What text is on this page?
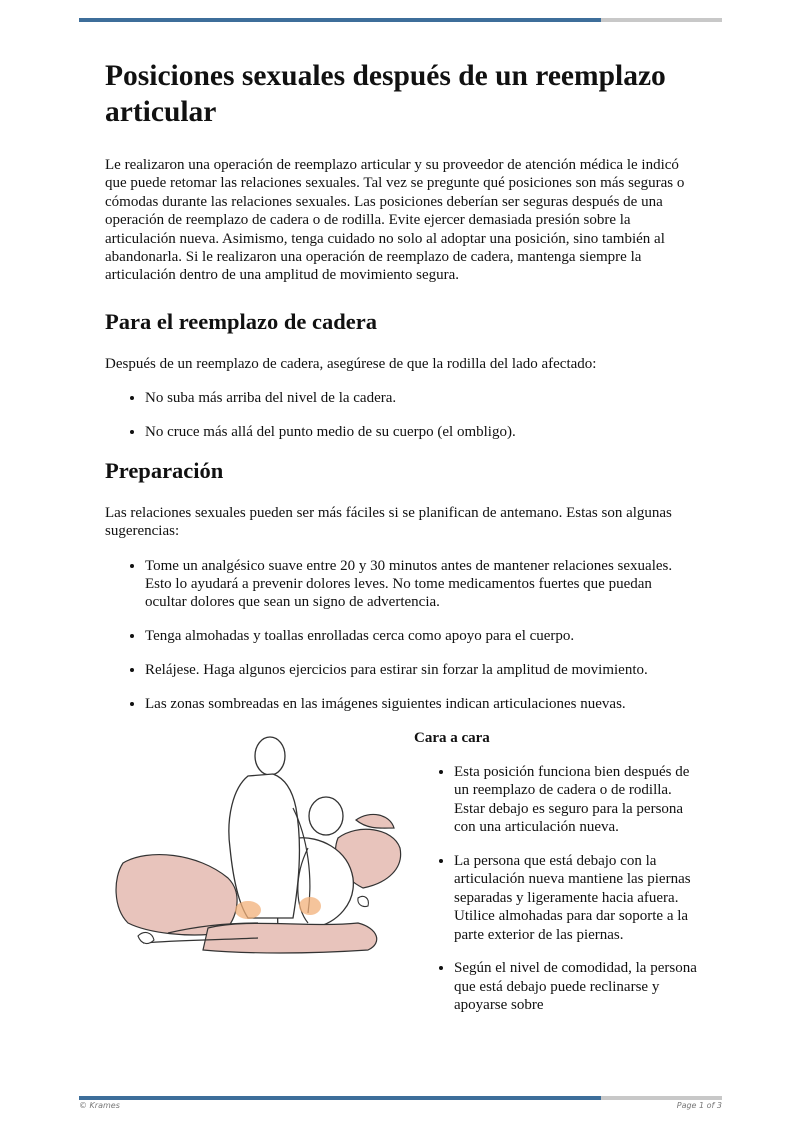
Posiciones sexuales después de un reemplazo articular

Le realizaron una operación de reemplazo articular y su proveedor de atención médica le indicó que puede retomar las relaciones sexuales. Tal vez se pregunte qué posiciones son más seguras o cómodas durante las relaciones sexuales. Las posiciones deberían ser seguras después de una operación de reemplazo de cadera o de rodilla. Evite ejercer demasiada presión sobre la articulación nueva. Asimismo, tenga cuidado no solo al adoptar una posición, sino también al abandonarla. Si le realizaron una operación de reemplazo de cadera, mantenga siempre la articulación dentro de una amplitud de movimiento segura.

Para el reemplazo de cadera

Después de un reemplazo de cadera, asegúrese de que la rodilla del lado afectado:

• No suba más arriba del nivel de la cadera.
• No cruce más allá del punto medio de su cuerpo (el ombligo).
Preparación

Las relaciones sexuales pueden ser más fáciles si se planifican de antemano. Estas son algunas sugerencias:

• Tome un analgésico suave entre 20 y 30 minutos antes de mantener relaciones sexuales. Esto lo ayudará a prevenir dolores leves. No tome medicamentos fuertes que puedan ocultar dolores que sean un signo de advertencia.
• Tenga almohadas y toallas enrolladas cerca como apoyo para el cuerpo.
• Relájese. Haga algunos ejercicios para estirar sin forzar la amplitud de movimiento.
• Las zonas sombreadas en las imágenes siguientes indican articulaciones nuevas.
Cara a cara
• Esta posición funciona bien después de un reemplazo de cadera o de rodilla. Estar debajo es seguro para la persona con una articulación nueva.
• La persona que está debajo con la articulación nueva mantiene las piernas separadas y ligeramente hacia afuera. Utilice almohadas para dar soporte a la parte exterior de las piernas.
• Según el nivel de comodidad, la persona que está debajo puede reclinarse y apoyarse sobre
© Krames	Page 1 of 3
